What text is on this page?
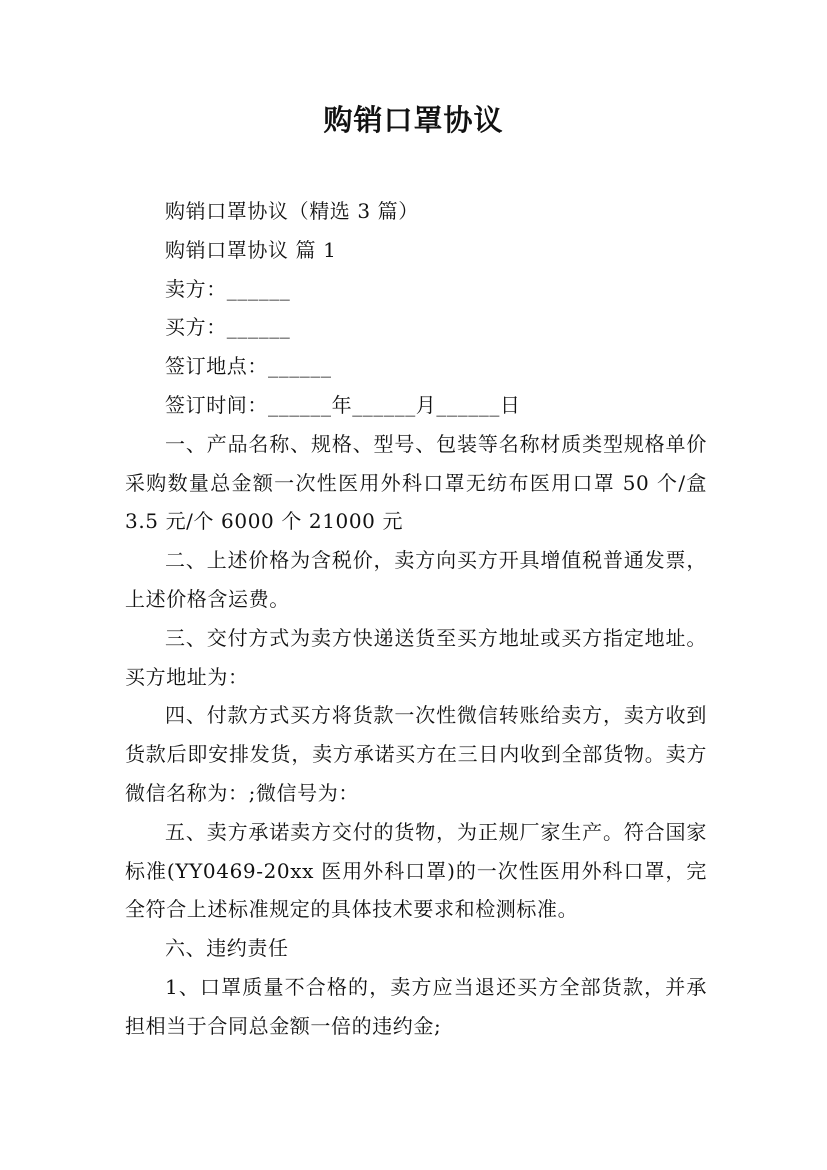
购销口罩协议

购销口罩协议（精选 3 篇）

购销口罩协议 篇 1

卖方：______

买方：______

签订地点：______

签订时间：______年______月______日

一、产品名称、规格、型号、包装等名称材质类型规格单价采购数量总金额一次性医用外科口罩无纺布医用口罩 50 个/盒 3.5 元/个 6000 个 21000 元

二、上述价格为含税价，卖方向买方开具增值税普通发票，上述价格含运费。

三、交付方式为卖方快递送货至买方地址或买方指定地址。买方地址为：

四、付款方式买方将货款一次性微信转账给卖方，卖方收到货款后即安排发货，卖方承诺买方在三日内收到全部货物。卖方微信名称为：;微信号为：

五、卖方承诺卖方交付的货物，为正规厂家生产。符合国家标准(YY0469-20xx 医用外科口罩)的一次性医用外科口罩，完全符合上述标准规定的具体技术要求和检测标准。

六、违约责任

1、口罩质量不合格的，卖方应当退还买方全部货款，并承担相当于合同总金额一倍的违约金;
